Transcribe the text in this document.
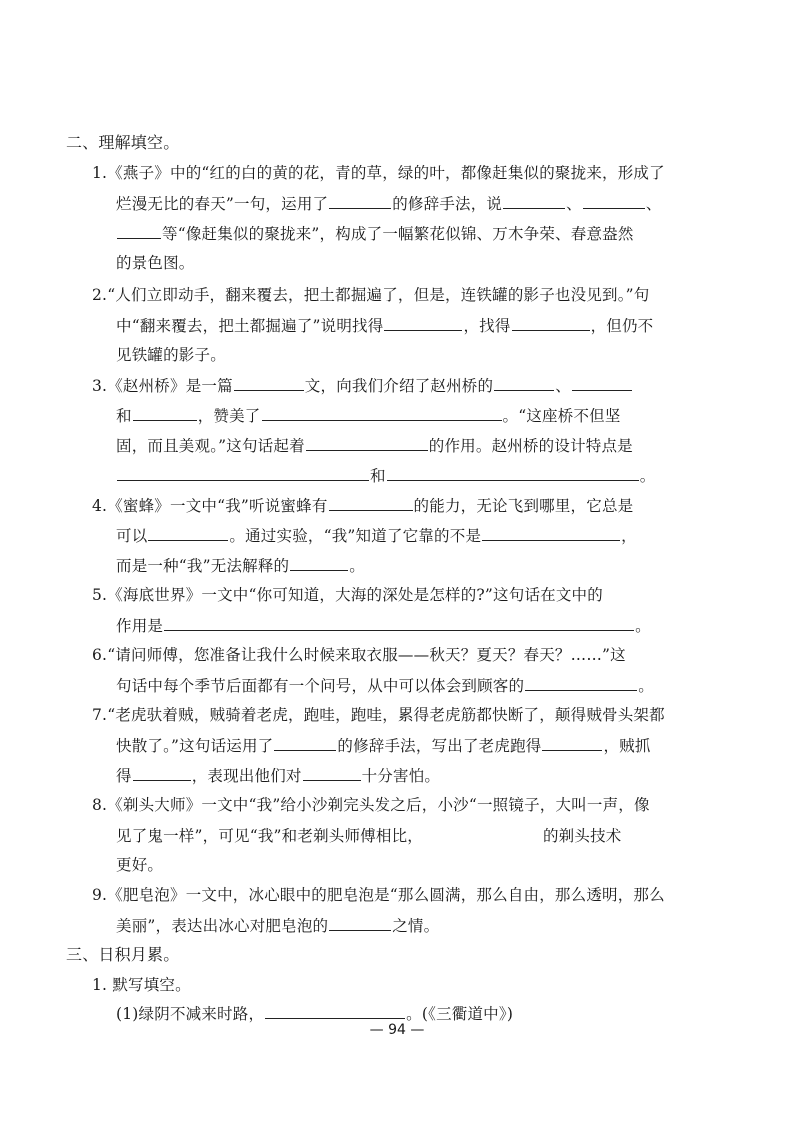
二、理解填空。
1.《燕子》中的“红的白的黄的花，青的草，绿的叶，都像赶集似的聚拢来，形成了
烂漫无比的春天”一句，运用了	的修辞手法，说	、	、
等“像赶集似的聚拢来”，构成了一幅繁花似锦、万木争荣、春意盎然
的景色图。
2.“人们立即动手，翻来覆去，把土都掘遍了，但是，连铁罐的影子也没见到。”句
中“翻来覆去，把土都掘遍了”说明找得	，找得	，但仍不
见铁罐的影子。
3.《赵州桥》是一篇	文，向我们介绍了赵州桥的	、
和	，赞美了	。“这座桥不但坚
固，而且美观。”这句话起着	的作用。赵州桥的设计特点是
和	。
4.《蜜蜂》一文中“我”听说蜜蜂有	的能力，无论飞到哪里，它总是
可以	。通过实验，“我”知道了它靠的不是	，
而是一种“我”无法解释的	。
5.《海底世界》一文中“你可知道，大海的深处是怎样的?”这句话在文中的
作用是	。
6.“请问师傅，您准备让我什么时候来取衣服——秋天？夏天？春天？……”这
句话中每个季节后面都有一个问号，从中可以体会到顾客的	。
7.“老虎驮着贼，贼骑着老虎，跑哇，跑哇，累得老虎筋都快断了，颠得贼骨头架都
快散了。”这句话运用了	的修辞手法，写出了老虎跑得	，贼抓
得	，表现出他们对	十分害怕。
8.《剃头大师》一文中“我”给小沙剃完头发之后，小沙“一照镜子，大叫一声，像
见了鬼一样”，可见“我”和老剃头师傅相比，	的剃头技术
更好。
9.《肥皂泡》一文中，冰心眼中的肥皂泡是“那么圆满，那么自由，那么透明，那么
美丽”，表达出冰心对肥皂泡的	之情。
三、日积月累。
1. 默写填空。
(1)绿阴不减来时路，	。(《三衢道中》)
— 94 —
